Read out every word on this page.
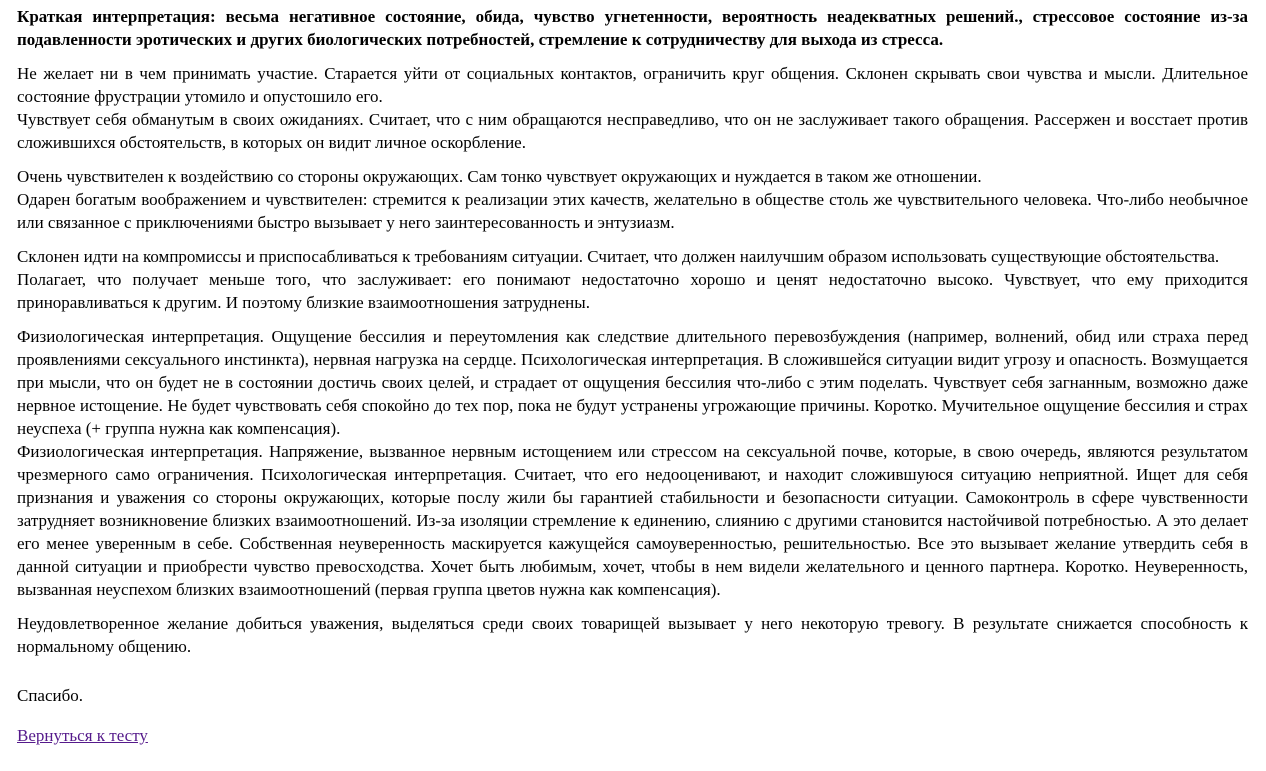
Краткая интерпретация: весьма негативное состояние, обида, чувство угнетенности, вероятность неадекватных решений., стрессовое состояние из-за подавленности эротических и других биологических потребностей, стремление к сотрудничеству для выхода из стресса.
Не желает ни в чем принимать участие. Старается уйти от социальных контактов, ограничить круг общения. Склонен скрывать свои чувства и мысли. Длительное состояние фрустрации утомило и опустошило его.
Чувствует себя обманутым в своих ожиданиях. Считает, что с ним обращаются несправедливо, что он не заслуживает такого обращения. Рассержен и восстает против сложившихся обстоятельств, в которых он видит личное оскорбление.
Очень чувствителен к воздействию со стороны окружающих. Сам тонко чувствует окружающих и нуждается в таком же отношении.
Одарен богатым воображением и чувствителен: стремится к реализации этих качеств, желательно в обществе столь же чувствительного человека. Что-либо необычное или связанное с приключениями быстро вызывает у него заинтересованность и энтузиазм.
Склонен идти на компромиссы и приспосабливаться к требованиям ситуации. Считает, что должен наилучшим образом использовать существующие обстоятельства.
Полагает, что получает меньше того, что заслуживает: его понимают недостаточно хорошо и ценят недостаточно высоко. Чувствует, что ему приходится приноравливаться к другим. И поэтому близкие взаимоотношения затруднены.
Физиологическая интерпретация. Ощущение бессилия и переутомления как следствие длительного перевозбуждения (например, волнений, обид или страха перед проявлениями сексуального инстинкта), нервная нагрузка на сердце. Психологическая интерпретация. В сложившейся ситуации видит угрозу и опасность. Возмущается при мысли, что он будет не в состоянии достичь своих целей, и страдает от ощущения бессилия что-либо с этим поделать. Чувствует себя загнанным, возможно даже нервное истощение. Не будет чувствовать себя спокойно до тех пор, пока не будут устранены угрожающие причины. Коротко. Мучительное ощущение бессилия и страх неуспеха (+ группа нужна как компенсация).
Физиологическая интерпретация. Напряжение, вызванное нервным истощением или стрессом на сексуальной почве, которые, в свою очередь, являются результатом чрезмерного само ограничения. Психологическая интерпретация. Считает, что его недооценивают, и находит сложившуюся ситуацию неприятной. Ищет для себя признания и уважения со стороны окружающих, которые послу жили бы гарантией стабильности и безопасности ситуации. Самоконтроль в сфере чувственности затрудняет возникновение близких взаимоотношений. Из-за изоляции стремление к единению, слиянию с другими становится настойчивой потребностью. А это делает его менее уверенным в себе. Собственная неуверенность маскируется кажущейся самоуверенностью, решительностью. Все это вызывает желание утвердить себя в данной ситуации и приобрести чувство превосходства. Хочет быть любимым, хочет, чтобы в нем видели желательного и ценного партнера. Коротко. Неуверенность, вызванная неуспехом близких взаимоотношений (первая группа цветов нужна как компенсация).
Неудовлетворенное желание добиться уважения, выделяться среди своих товарищей вызывает у него некоторую тревогу. В результате снижается способность к нормальному общению.

Спасибо.

Вернуться к тесту
